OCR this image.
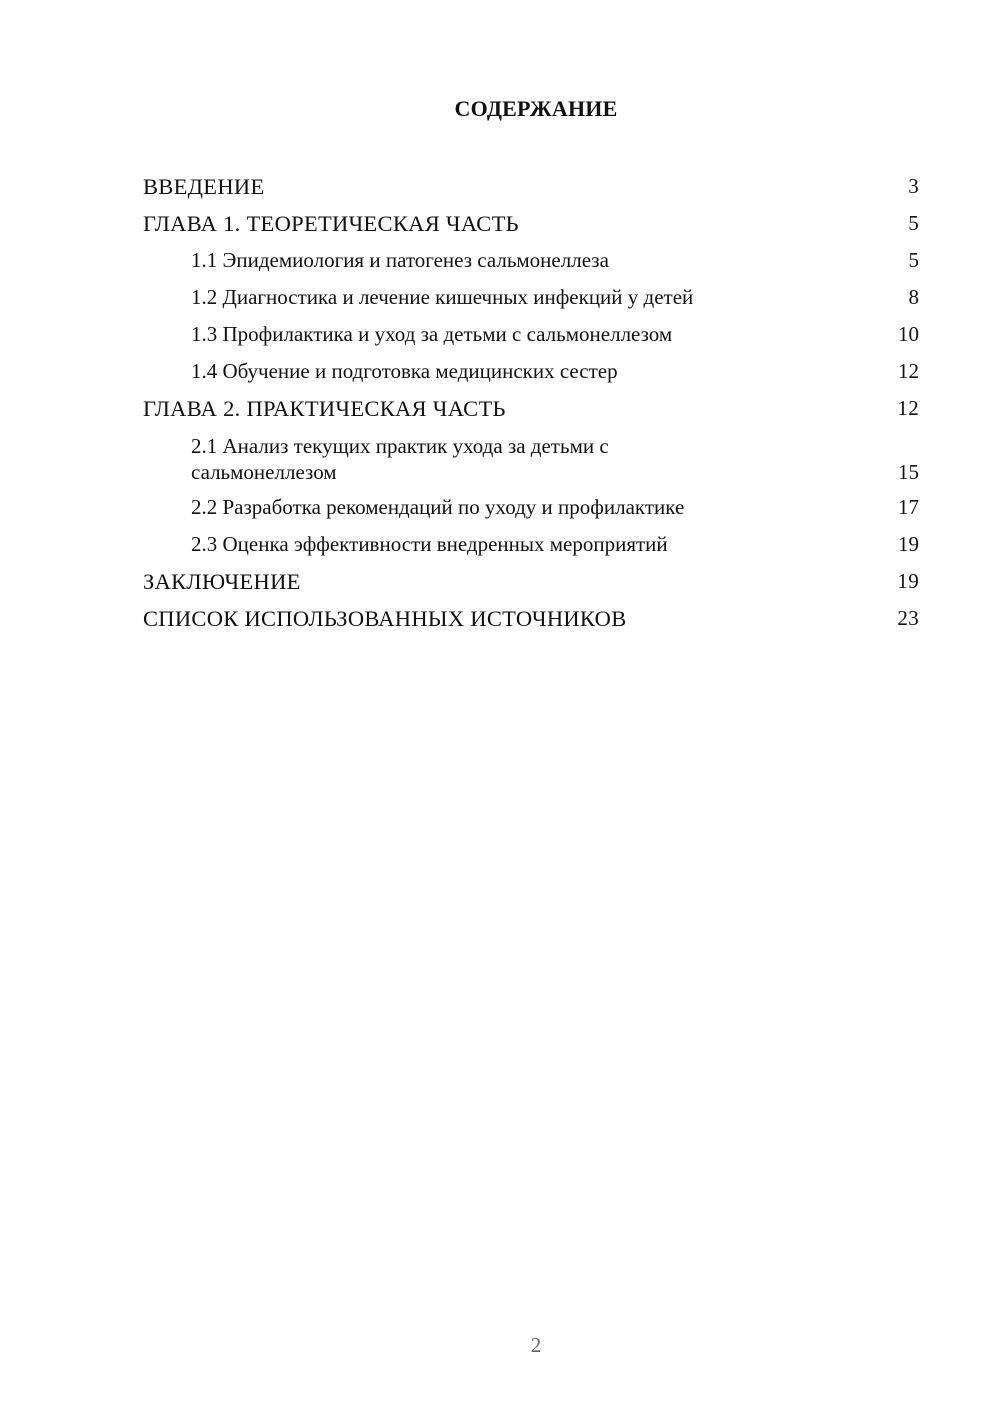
СОДЕРЖАНИЕ
ВВЕДЕНИЕ	3
ГЛАВА 1. ТЕОРЕТИЧЕСКАЯ ЧАСТЬ	5
1.1 Эпидемиология и патогенез сальмонеллеза	5
1.2 Диагностика и лечение кишечных инфекций у детей	8
1.3 Профилактика и уход за детьми с сальмонеллезом	10
1.4 Обучение и подготовка медицинских сестер	12
ГЛАВА 2. ПРАКТИЧЕСКАЯ ЧАСТЬ	12
2.1 Анализ текущих практик ухода за детьми с сальмонеллезом	15
2.2 Разработка рекомендаций по уходу и профилактике	17
2.3 Оценка эффективности внедренных мероприятий	19
ЗАКЛЮЧЕНИЕ	19
СПИСОК ИСПОЛЬЗОВАННЫХ ИСТОЧНИКОВ	23
2
